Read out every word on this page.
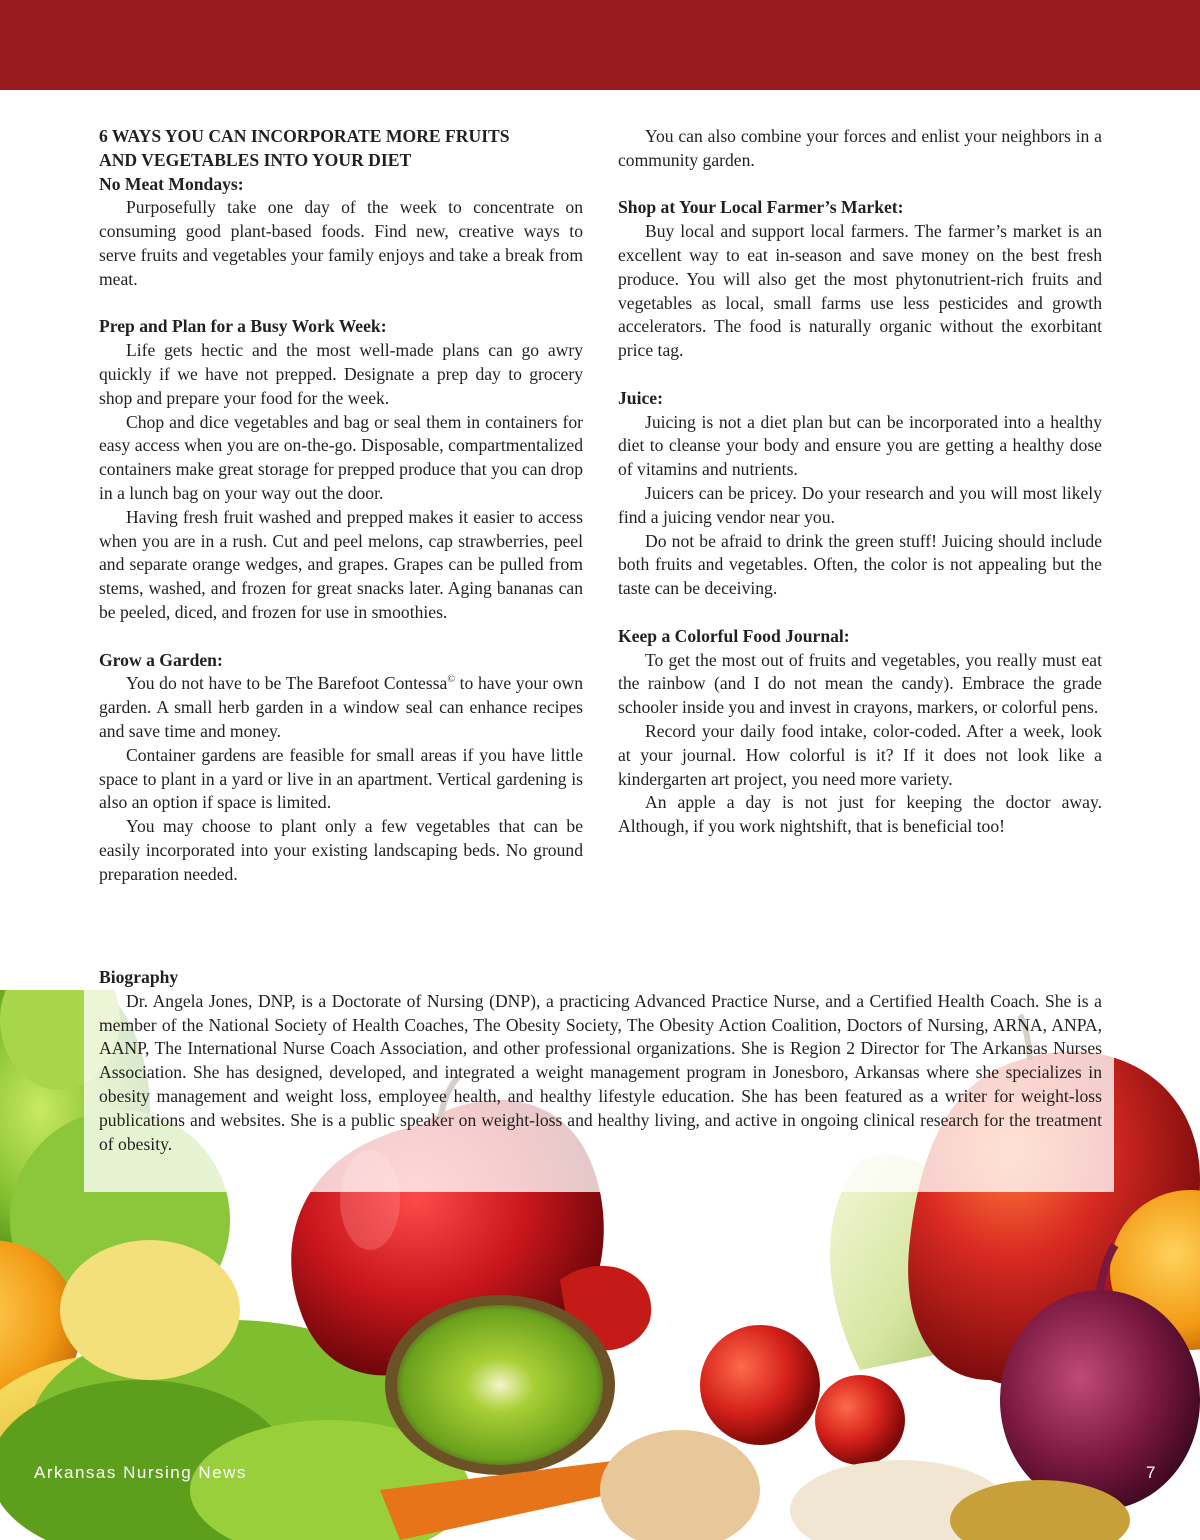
6 WAYS YOU CAN INCORPORATE MORE FRUITS
AND VEGETABLES INTO YOUR DIET
No Meat Mondays:

Purposefully take one day of the week to concentrate on consuming good plant-based foods. Find new, creative ways to serve fruits and vegetables your family enjoys and take a break from meat.

Prep and Plan for a Busy Work Week:

Life gets hectic and the most well-made plans can go awry quickly if we have not prepped. Designate a prep day to grocery shop and prepare your food for the week.

Chop and dice vegetables and bag or seal them in containers for easy access when you are on-the-go. Disposable, compartmentalized containers make great storage for prepped produce that you can drop in a lunch bag on your way out the door.

Having fresh fruit washed and prepped makes it easier to access when you are in a rush. Cut and peel melons, cap strawberries, peel and separate orange wedges, and grapes. Grapes can be pulled from stems, washed, and frozen for great snacks later. Aging bananas can be peeled, diced, and frozen for use in smoothies.

Grow a Garden:

You do not have to be The Barefoot Contessa© to have your own garden. A small herb garden in a window seal can enhance recipes and save time and money.

Container gardens are feasible for small areas if you have little space to plant in a yard or live in an apartment. Vertical gardening is also an option if space is limited.

You may choose to plant only a few vegetables that can be easily incorporated into your existing landscaping beds. No ground preparation needed.

You can also combine your forces and enlist your neighbors in a community garden.

Shop at Your Local Farmer’s Market:

Buy local and support local farmers. The farmer’s market is an excellent way to eat in-season and save money on the best fresh produce. You will also get the most phytonutrient-rich fruits and vegetables as local, small farms use less pesticides and growth accelerators. The food is naturally organic without the exorbitant price tag.

Juice:

Juicing is not a diet plan but can be incorporated into a healthy diet to cleanse your body and ensure you are getting a healthy dose of vitamins and nutrients.

Juicers can be pricey. Do your research and you will most likely find a juicing vendor near you.

Do not be afraid to drink the green stuff! Juicing should include both fruits and vegetables. Often, the color is not appealing but the taste can be deceiving.

Keep a Colorful Food Journal:

To get the most out of fruits and vegetables, you really must eat the rainbow (and I do not mean the candy). Embrace the grade schooler inside you and invest in crayons, markers, or colorful pens.

Record your daily food intake, color-coded. After a week, look at your journal. How colorful is it? If it does not look like a kindergarten art project, you need more variety.

An apple a day is not just for keeping the doctor away. Although, if you work nightshift, that is beneficial too!

Biography

Dr. Angela Jones, DNP, is a Doctorate of Nursing (DNP), a practicing Advanced Practice Nurse, and a Certified Health Coach. She is a member of the National Society of Health Coaches, The Obesity Society, The Obesity Action Coalition, Doctors of Nursing, ARNA, ANPA, AANP, The International Nurse Coach Association, and other professional organizations. She is Region 2 Director for The Arkansas Nurses Association. She has designed, developed, and integrated a weight management program in Jonesboro, Arkansas where she specializes in obesity management and weight loss, employee health, and healthy lifestyle education. She has been featured as a writer for weight-loss publications and websites. She is a public speaker on weight-loss and healthy living, and active in ongoing clinical research for the treatment of obesity.

Arkansas Nursing News	7
